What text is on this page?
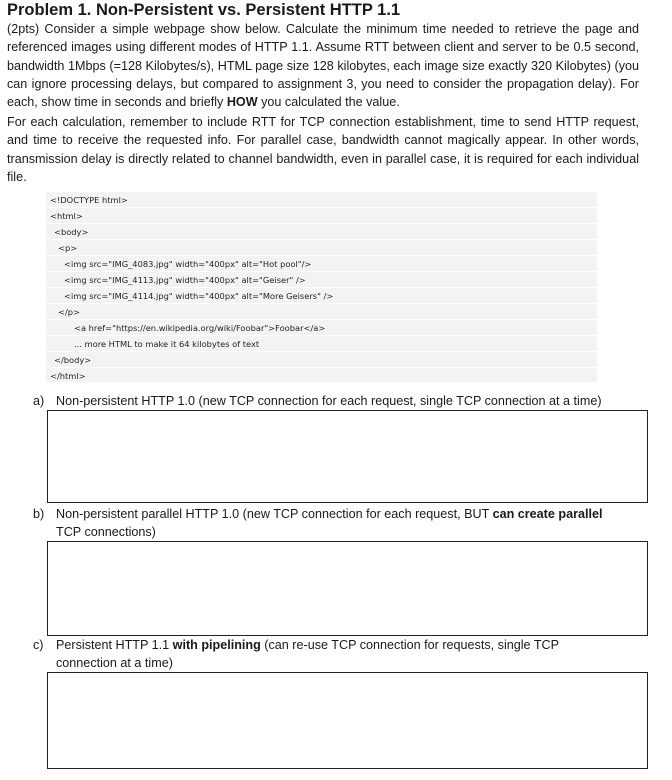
Problem 1. Non-Persistent vs. Persistent HTTP 1.1
(2pts) Consider a simple webpage show below. Calculate the minimum time needed to retrieve the page and referenced images using different modes of HTTP 1.1. Assume RTT between client and server to be 0.5 second, bandwidth 1Mbps (=128 Kilobytes/s), HTML page size 128 kilobytes, each image size exactly 320 Kilobytes) (you can ignore processing delays, but compared to assignment 3, you need to consider the propagation delay). For each, show time in seconds and briefly HOW you calculated the value.
For each calculation, remember to include RTT for TCP connection establishment, time to send HTTP request, and time to receive the requested info. For parallel case, bandwidth cannot magically appear. In other words, transmission delay is directly related to channel bandwidth, even in parallel case, it is required for each individual file.
<!DOCTYPE html>
<html>
<body>
<p>
<img src="IMG_4083.jpg" width="400px" alt="Hot pool"/>
<img src="IMG_4113.jpg" width="400px" alt="Geiser" />
<img src="IMG_4114.jpg" width="400px" alt="More Geisers" />
</p>
<a href="https://en.wikipedia.org/wiki/Foobar">Foobar</a>
... more HTML to make it 64 kilobytes of text
</body>
</html>
a) Non-persistent HTTP 1.0 (new TCP connection for each request, single TCP connection at a time)
b) Non-persistent parallel HTTP 1.0 (new TCP connection for each request, BUT can create parallel
TCP connections)
c) Persistent HTTP 1.1 with pipelining (can re-use TCP connection for requests, single TCP
connection at a time)
